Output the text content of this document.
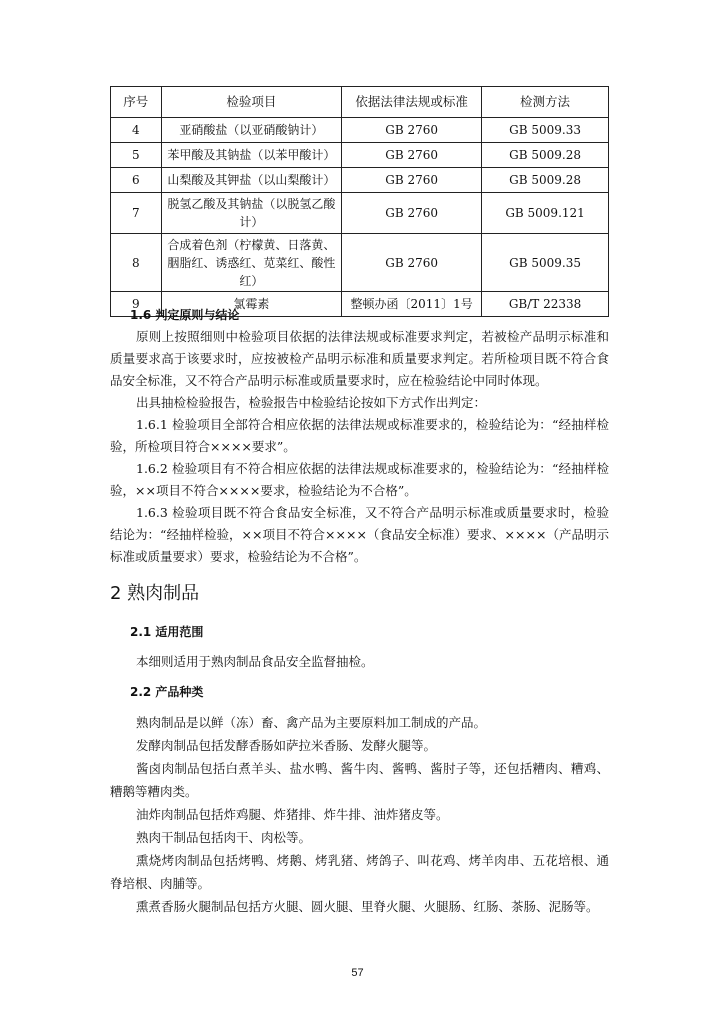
序号	检验项目	依据法律法规或标准	检测方法
4	亚硝酸盐（以亚硝酸钠计）	GB 2760	GB 5009.33
5	苯甲酸及其钠盐（以苯甲酸计）	GB 2760	GB 5009.28
6	山梨酸及其钾盐（以山梨酸计）	GB 2760	GB 5009.28
7	脱氢乙酸及其钠盐（以脱氢乙酸计）	GB 2760	GB 5009.121
8	合成着色剂（柠檬黄、日落黄、胭脂红、诱惑红、苋菜红、酸性红）	GB 2760	GB 5009.35
9	氯霉素	整顿办函〔2011〕1号	GB/T 22338

1.6 判定原则与结论

原则上按照细则中检验项目依据的法律法规或标准要求判定，若被检产品明示标准和质量要求高于该要求时，应按被检产品明示标准和质量要求判定。若所检项目既不符合食品安全标准，又不符合产品明示标准或质量要求时，应在检验结论中同时体现。

出具抽检检验报告，检验报告中检验结论按如下方式作出判定：

1.6.1 检验项目全部符合相应依据的法律法规或标准要求的，检验结论为：“经抽样检验，所检项目符合××××要求”。

1.6.2 检验项目有不符合相应依据的法律法规或标准要求的，检验结论为：“经抽样检验，××项目不符合××××要求，检验结论为不合格”。

1.6.3 检验项目既不符合食品安全标准，又不符合产品明示标准或质量要求时，检验结论为：“经抽样检验，××项目不符合××××（食品安全标准）要求、××××（产品明示标准或质量要求）要求，检验结论为不合格”。

2 熟肉制品

2.1 适用范围

本细则适用于熟肉制品食品安全监督抽检。

2.2 产品种类

熟肉制品是以鲜（冻）畜、禽产品为主要原料加工制成的产品。

发酵肉制品包括发酵香肠如萨拉米香肠、发酵火腿等。

酱卤肉制品包括白煮羊头、盐水鸭、酱牛肉、酱鸭、酱肘子等，还包括糟肉、糟鸡、糟鹅等糟肉类。

油炸肉制品包括炸鸡腿、炸猪排、炸牛排、油炸猪皮等。

熟肉干制品包括肉干、肉松等。

熏烧烤肉制品包括烤鸭、烤鹅、烤乳猪、烤鸽子、叫花鸡、烤羊肉串、五花培根、通脊培根、肉脯等。

熏煮香肠火腿制品包括方火腿、圆火腿、里脊火腿、火腿肠、红肠、茶肠、泥肠等。

57
